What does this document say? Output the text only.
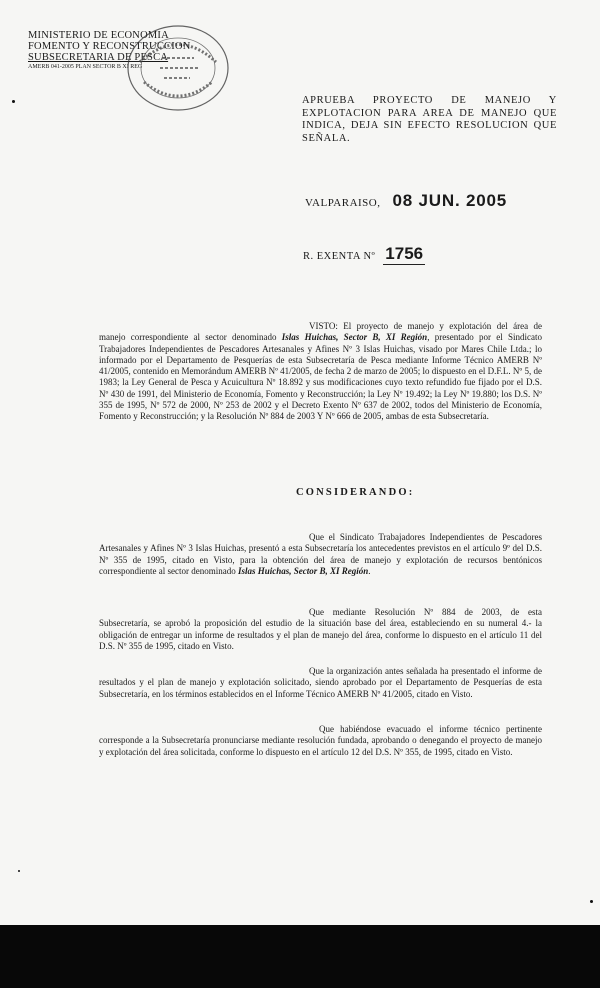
MINISTERIO DE ECONOMIA
FOMENTO Y RECONSTRUCCION
SUBSECRETARIA DE PESCA
AMERB 041-2005 PLAN SECTOR B XI REG
APRUEBA PROYECTO DE MANEJO Y EXPLOTACION PARA AREA DE MANEJO QUE INDICA, DEJA SIN EFECTO RESOLUCION QUE SEÑALA.
VALPARAISO, 08 JUN. 2005
R. EXENTA Nº 1756

VISTO: El proyecto de manejo y explotación del área de manejo correspondiente al sector denominado Islas Huichas, Sector B, XI Región, presentado por el Sindicato Trabajadores Independientes de Pescadores Artesanales y Afines Nº 3 Islas Huichas, visado por Mares Chile Ltda.; lo informado por el Departamento de Pesquerías de esta Subsecretaría de Pesca mediante Informe Técnico AMERB Nº 41/2005, contenido en Memorándum AMERB Nº 41/2005, de fecha 2 de marzo de 2005; lo dispuesto en el D.F.L. Nº 5, de 1983; la Ley General de Pesca y Acuicultura Nº 18.892 y sus modificaciones cuyo texto refundido fue fijado por el D.S. Nº 430 de 1991, del Ministerio de Economía, Fomento y Reconstrucción; la Ley Nº 19.492; la Ley Nº 19.880; los D.S. Nº 355 de 1995, Nº 572 de 2000, Nº 253 de 2002 y el Decreto Exento Nº 637 de 2002, todos del Ministerio de Economía, Fomento y Reconstrucción; y la Resolución Nº 884 de 2003 Y Nº 666 de 2005, ambas de esta Subsecretaría.

CONSIDERANDO:

Que el Sindicato Trabajadores Independientes de Pescadores Artesanales y Afines Nº 3 Islas Huichas, presentó a esta Subsecretaría los antecedentes previstos en el artículo 9º del D.S. Nº 355 de 1995, citado en Visto, para la obtención del área de manejo y explotación de recursos bentónicos correspondiente al sector denominado Islas Huichas, Sector B, XI Región.

Que mediante Resolución Nº 884 de 2003, de esta Subsecretaría, se aprobó la proposición del estudio de la situación base del área, estableciendo en su numeral 4.- la obligación de entregar un informe de resultados y el plan de manejo del área, conforme lo dispuesto en el artículo 11 del D.S. Nº 355 de 1995, citado en Visto.

Que la organización antes señalada ha presentado el informe de resultados y el plan de manejo y explotación solicitado, siendo aprobado por el Departamento de Pesquerías de esta Subsecretaría, en los términos establecidos en el Informe Técnico AMERB Nº 41/2005, citado en Visto.

Que habiéndose evacuado el informe técnico pertinente corresponde a la Subsecretaría pronunciarse mediante resolución fundada, aprobando o denegando el proyecto de manejo y explotación del área solicitada, conforme lo dispuesto en el artículo 12 del D.S. Nº 355, de 1995, citado en Visto.
